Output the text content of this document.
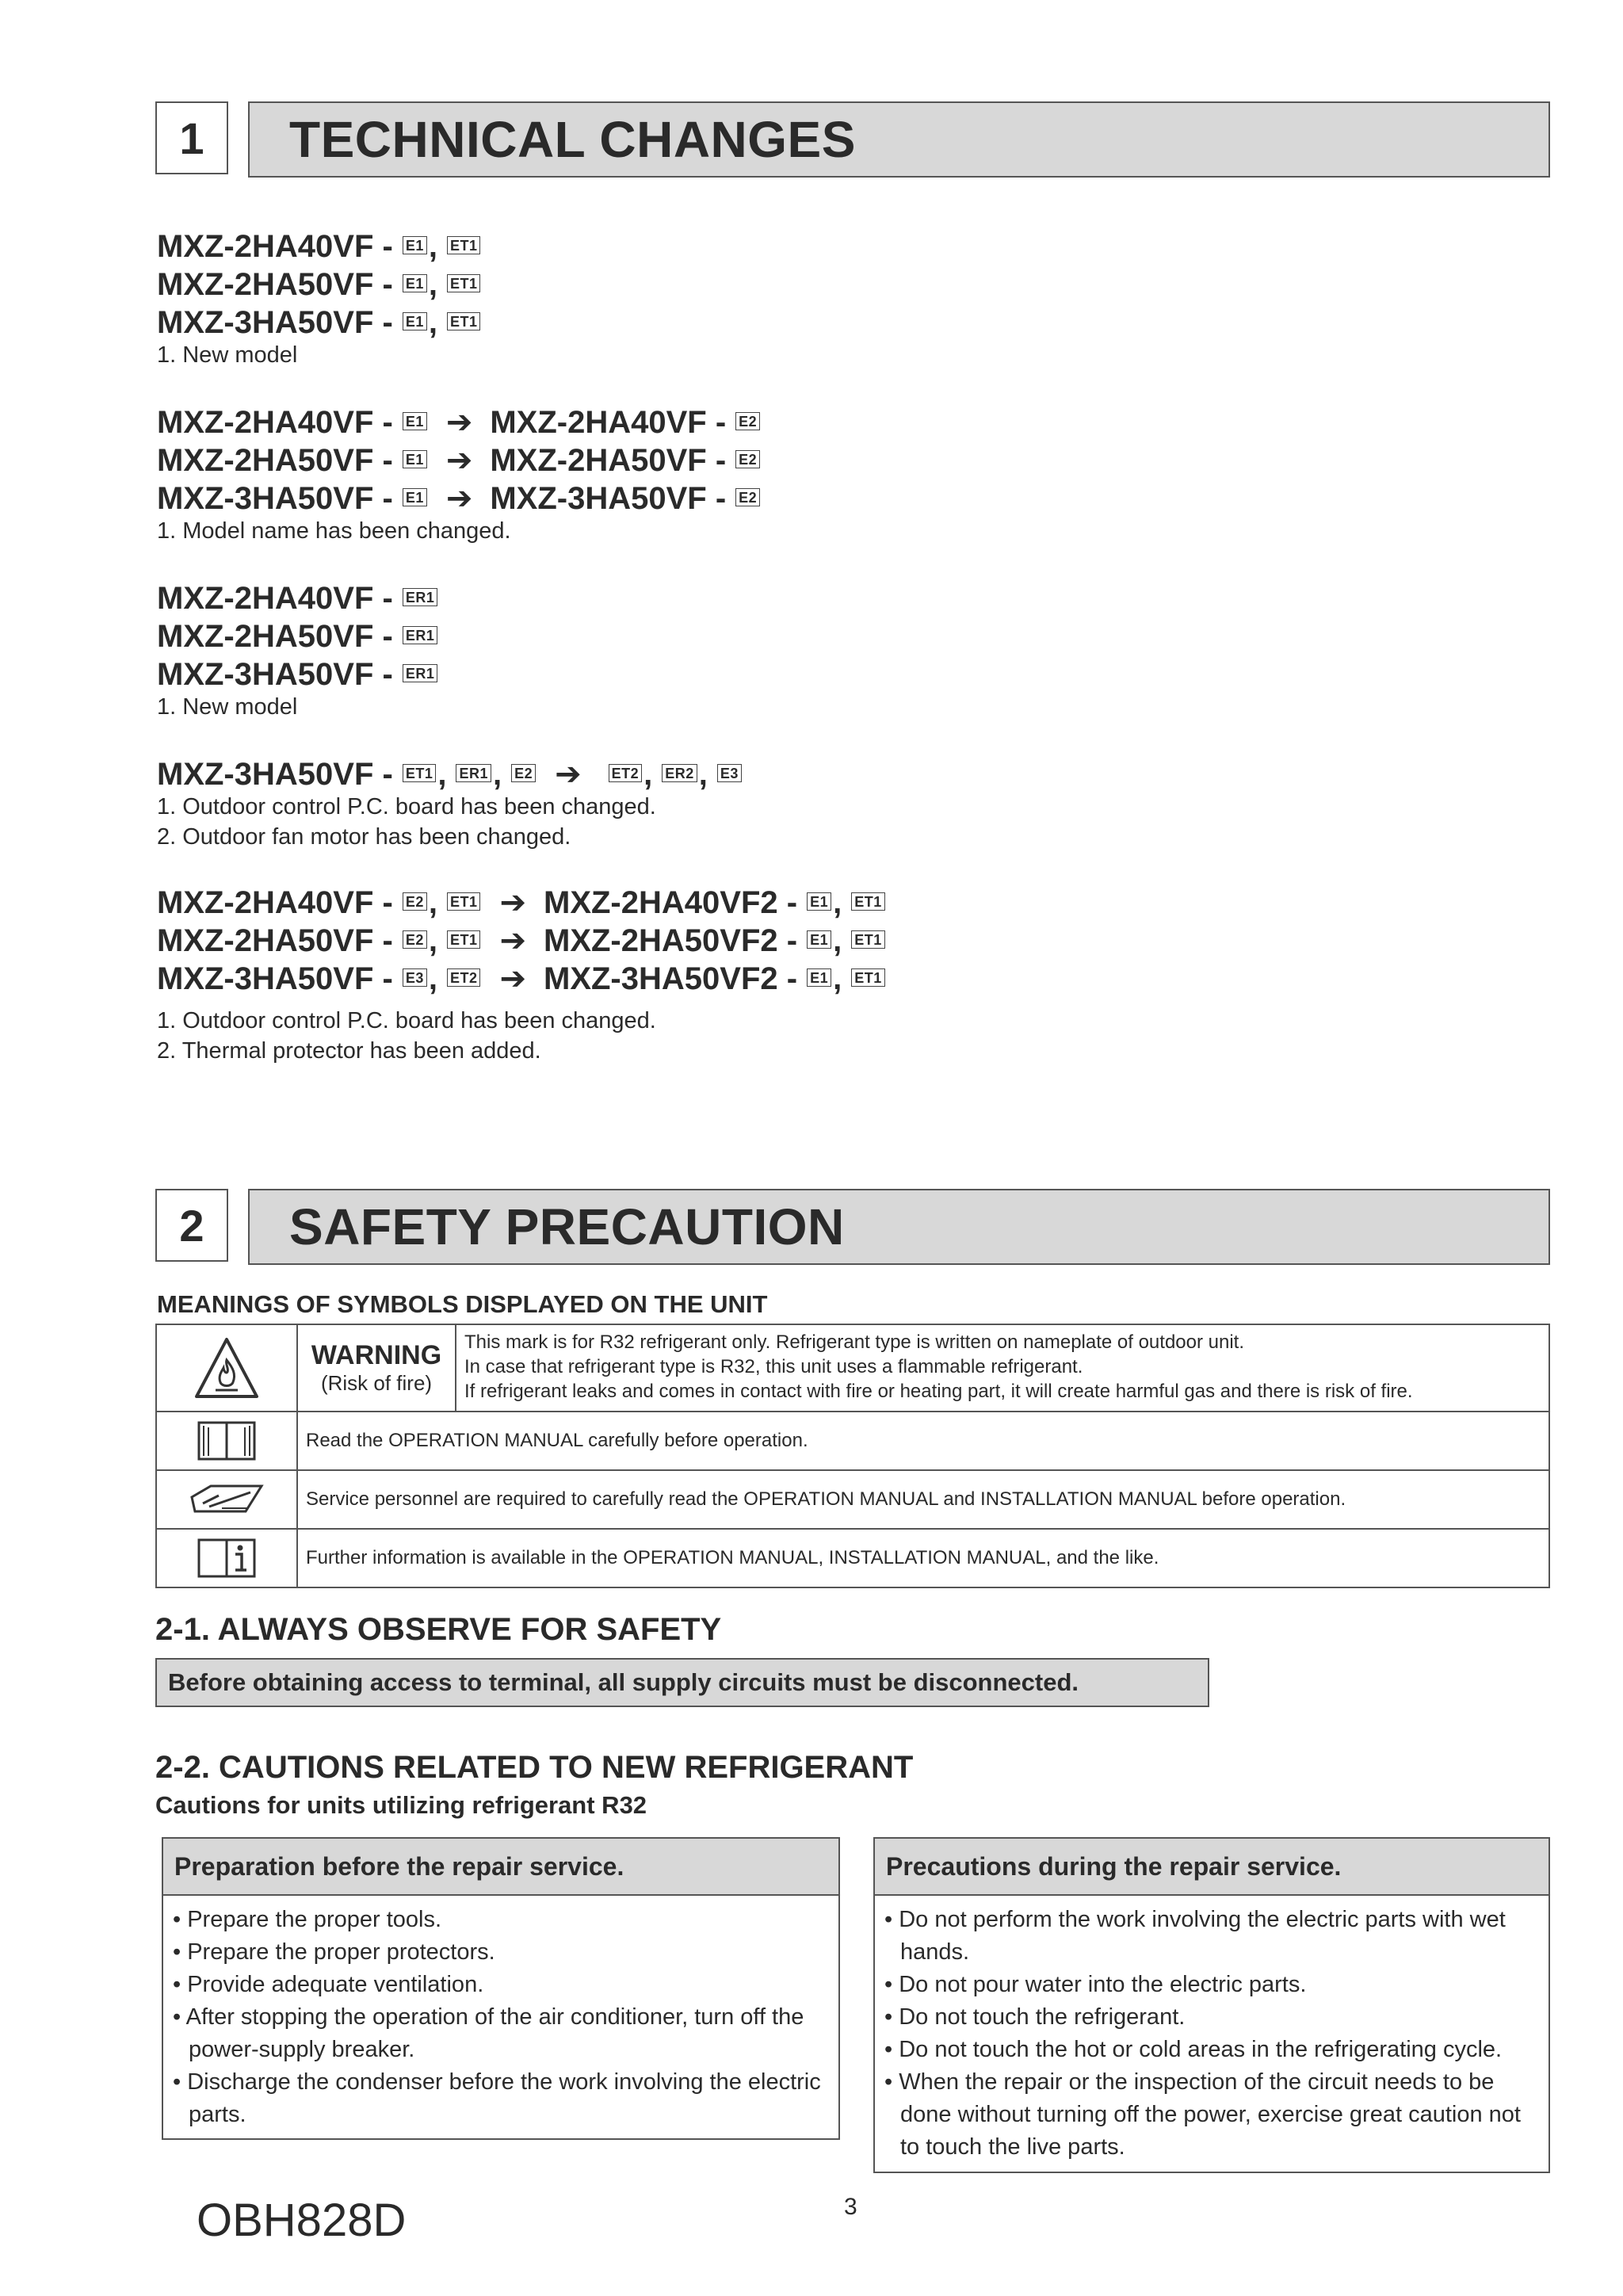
1	TECHNICAL CHANGES
MXZ-2HA40VF - E1 , ET1
MXZ-2HA50VF - E1 , ET1
MXZ-3HA50VF - E1 , ET1
1. New model
MXZ-2HA40VF - E1 ➔ MXZ-2HA40VF - E2
MXZ-2HA50VF - E1 ➔ MXZ-2HA50VF - E2
MXZ-3HA50VF - E1 ➔ MXZ-3HA50VF - E2
1. Model name has been changed.
MXZ-2HA40VF - ER1
MXZ-2HA50VF - ER1
MXZ-3HA50VF - ER1
1. New model
MXZ-3HA50VF - ET1 , ER1 , E2 ➔ ET2 , ER2 , E3
1. Outdoor control P.C. board has been changed.
2. Outdoor fan motor has been changed.
MXZ-2HA40VF - E2 , ET1 ➔ MXZ-2HA40VF2 - E1 , ET1
MXZ-2HA50VF - E2 , ET1 ➔ MXZ-2HA50VF2 - E1 , ET1
MXZ-3HA50VF - E3 , ET2 ➔ MXZ-3HA50VF2 - E1 , ET1
1. Outdoor control P.C. board has been changed.
2. Thermal protector has been added.
2	SAFETY PRECAUTION
MEANINGS OF SYMBOLS DISPLAYED ON THE UNIT
WARNING
(Risk of fire)
This mark is for R32 refrigerant only. Refrigerant type is written on nameplate of outdoor unit.
In case that refrigerant type is R32, this unit uses a flammable refrigerant.
If refrigerant leaks and comes in contact with fire or heating part, it will create harmful gas and there is risk of fire.
Read the OPERATION MANUAL carefully before operation.
Service personnel are required to carefully read the OPERATION MANUAL and INSTALLATION MANUAL before operation.
Further information is available in the OPERATION MANUAL, INSTALLATION MANUAL, and the like.
2-1. ALWAYS OBSERVE FOR SAFETY
Before obtaining access to terminal, all supply circuits must be disconnected.
2-2. CAUTIONS RELATED TO NEW REFRIGERANT
Cautions for units utilizing refrigerant R32
Preparation before the repair service.
• Prepare the proper tools.
• Prepare the proper protectors.
• Provide adequate ventilation.
• After stopping the operation of the air conditioner, turn off the power-supply breaker.
• Discharge the condenser before the work involving the electric parts.
Precautions during the repair service.
• Do not perform the work involving the electric parts with wet hands.
• Do not pour water into the electric parts.
• Do not touch the refrigerant.
• Do not touch the hot or cold areas in the refrigerating cycle.
• When the repair or the inspection of the circuit needs to be done without turning off the power, exercise great caution not to touch the live parts.
OBH828D	3
